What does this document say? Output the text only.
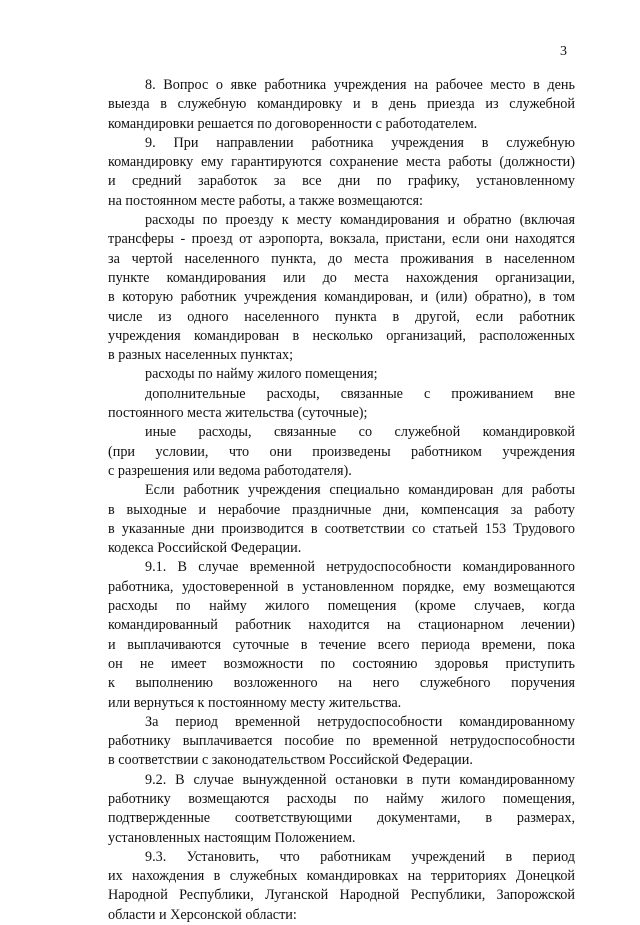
3
8. Вопрос о явке работника учреждения на рабочее место в день
выезда в служебную командировку и в день приезда из служебной
командировки решается по договоренности с работодателем.
9. При направлении работника учреждения в служебную
командировку ему гарантируются сохранение места работы (должности)
и средний заработок за все дни по графику, установленному
на постоянном месте работы, а также возмещаются:
расходы по проезду к месту командирования и обратно (включая
трансферы - проезд от аэропорта, вокзала, пристани, если они находятся
за чертой населенного пункта, до места проживания в населенном
пункте командирования или до места нахождения организации,
в которую работник учреждения командирован, и (или) обратно), в том
числе из одного населенного пункта в другой, если работник
учреждения командирован в несколько организаций, расположенных
в разных населенных пунктах;
расходы по найму жилого помещения;
дополнительные расходы, связанные с проживанием вне
постоянного места жительства (суточные);
иные расходы, связанные со служебной командировкой
(при условии, что они произведены работником учреждения
с разрешения или ведома работодателя).
Если работник учреждения специально командирован для работы
в выходные и нерабочие праздничные дни, компенсация за работу
в указанные дни производится в соответствии со статьей 153 Трудового
кодекса Российской Федерации.
9.1. В случае временной нетрудоспособности командированного
работника, удостоверенной в установленном порядке, ему возмещаются
расходы по найму жилого помещения (кроме случаев, когда
командированный работник находится на стационарном лечении)
и выплачиваются суточные в течение всего периода времени, пока
он не имеет возможности по состоянию здоровья приступить
к выполнению возложенного на него служебного поручения
или вернуться к постоянному месту жительства.
За период временной нетрудоспособности командированному
работнику выплачивается пособие по временной нетрудоспособности
в соответствии с законодательством Российской Федерации.
9.2. В случае вынужденной остановки в пути командированному
работнику возмещаются расходы по найму жилого помещения,
подтвержденные соответствующими документами, в размерах,
установленных настоящим Положением.
9.3. Установить, что работникам учреждений в период
их нахождения в служебных командировках на территориях Донецкой
Народной Республики, Луганской Народной Республики, Запорожской
области и Херсонской области:
